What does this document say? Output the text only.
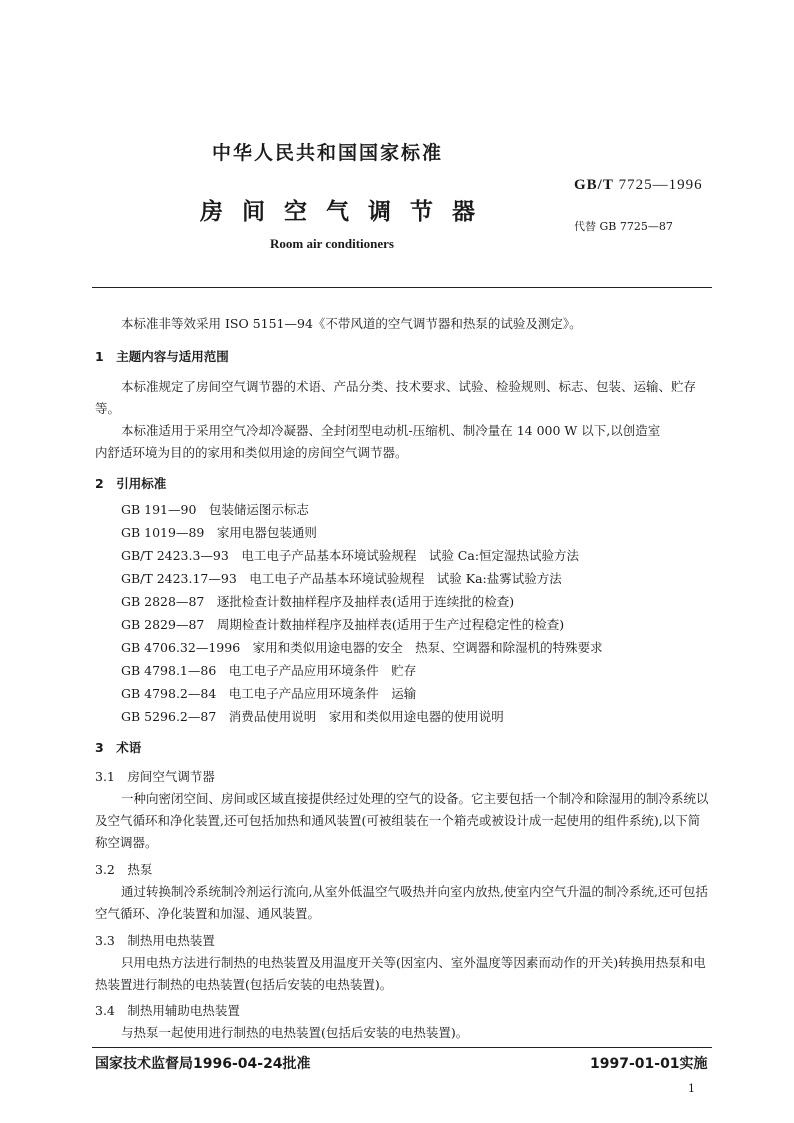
中华人民共和国国家标准
房间空气调节器
Room air conditioners
GB/T 7725—1996
代替 GB 7725—87
本标准非等效采用 ISO 5151—94《不带风道的空气调节器和热泵的试验及测定》。
1　主题内容与适用范围
本标准规定了房间空气调节器的术语、产品分类、技术要求、试验、检验规则、标志、包装、运输、贮存
等。
本标准适用于采用空气冷却冷凝器、全封闭型电动机-压缩机、制冷量在 14 000 W 以下,以创造室
内舒适环境为目的的家用和类似用途的房间空气调节器。
2　引用标准
GB 191—90　包装储运图示标志
GB 1019—89　家用电器包装通则
GB/T 2423.3—93　电工电子产品基本环境试验规程　试验 Ca:恒定湿热试验方法
GB/T 2423.17—93　电工电子产品基本环境试验规程　试验 Ka:盐雾试验方法
GB 2828—87　逐批检查计数抽样程序及抽样表(适用于连续批的检查)
GB 2829—87　周期检查计数抽样程序及抽样表(适用于生产过程稳定性的检查)
GB 4706.32—1996　家用和类似用途电器的安全　热泵、空调器和除湿机的特殊要求
GB 4798.1—86　电工电子产品应用环境条件　贮存
GB 4798.2—84　电工电子产品应用环境条件　运输
GB 5296.2—87　消费品使用说明　家用和类似用途电器的使用说明
3　术语
3.1　房间空气调节器
一种向密闭空间、房间或区域直接提供经过处理的空气的设备。它主要包括一个制冷和除湿用的制冷系统以及空气循环和净化装置,还可包括加热和通风装置(可被组装在一个箱壳或被设计成一起使用的组件系统),以下简称空调器。
3.2　热泵
通过转换制冷系统制冷剂运行流向,从室外低温空气吸热并向室内放热,使室内空气升温的制冷系统,还可包括空气循环、净化装置和加湿、通风装置。
3.3　制热用电热装置
只用电热方法进行制热的电热装置及用温度开关等(因室内、室外温度等因素而动作的开关)转换用热泵和电热装置进行制热的电热装置(包括后安装的电热装置)。
3.4　制热用辅助电热装置
与热泵一起使用进行制热的电热装置(包括后安装的电热装置)。
国家技术监督局1996-04-24批准	1997-01-01实施
1
